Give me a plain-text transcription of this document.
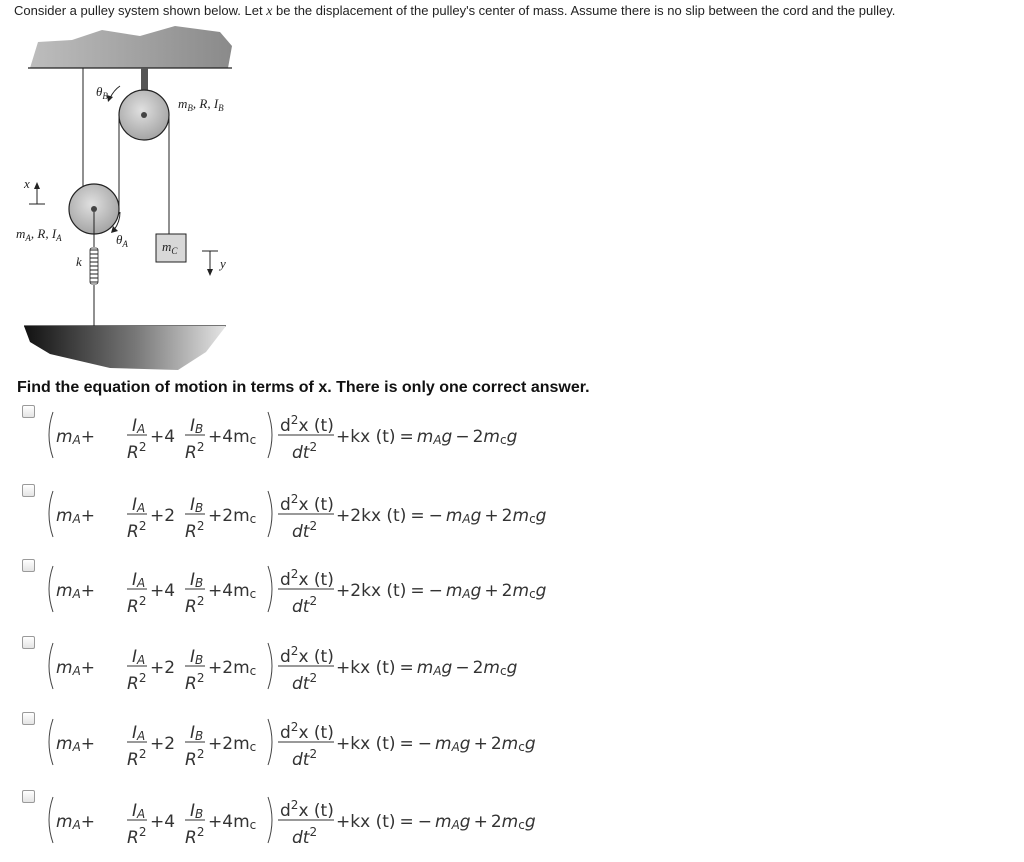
Consider a pulley system shown below. Let x be the displacement of the pulley's center of mass. Assume there is no slip between the cord and the pulley.
θB	mB, R, IB
x
mA, R, IA	θA	mC
k	y
Find the equation of motion in terms of x. There is only one correct answer.
mA+
IA
$R^2 +4$
IB
$R^2 +4mc$
$d^2x$ (t)
$dt^2 +kx$ (t) = mAg − 2mcg
mA+
IA
$R^2 +2$
IB
$R^2 +2mc$
$d^2x$ (t)
$dt^2 +2kx$ (t) = − mAg + 2mcg
mA+
IA
$R^2 +4$
IB
$R^2 +4mc$
$d^2x$ (t)
$dt^2 +2kx$ (t) = − mAg + 2mcg
mA+
IA
$R^2 +2$
IB
$R^2 +2mc$
$d^2x$ (t)
$dt^2 +kx$ (t) = mAg − 2mcg
mA+
IA
$R^2 +2$
IB
$R^2 +2mc$
$d^2x$ (t)
$dt^2 +kx$ (t) = − mAg + 2mcg
mA+
IA
$R^2 +4$
IB
$R^2 +4mc$
$d^2x$ (t)
$dt^2 +kx$ (t) = − mAg + 2mcg
